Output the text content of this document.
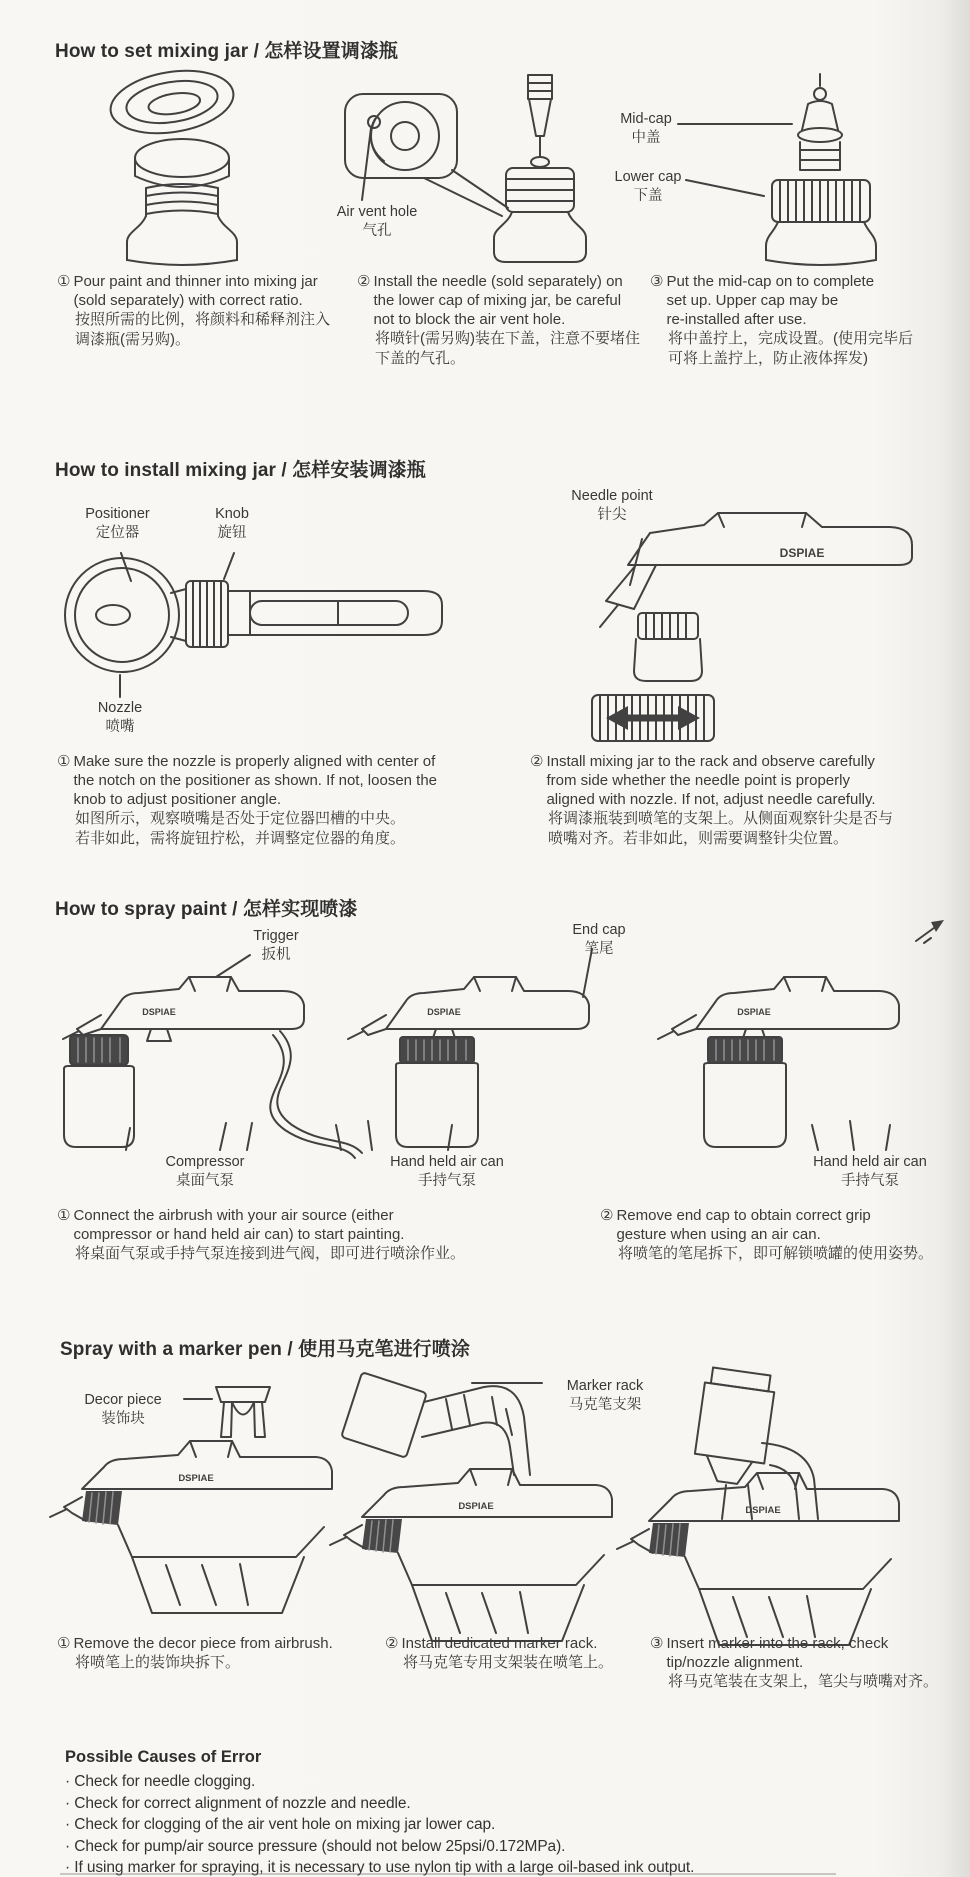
How to set mixing jar / 怎样设置调漆瓶
Air vent hole
气孔
Mid-cap
中盖
Lower cap
下盖
① Pour paint and thinner into mixing jar
(sold separately) with correct ratio.
按照所需的比例，将颜料和稀释剂注入
调漆瓶(需另购)。
② Install the needle (sold separately) on
the lower cap of mixing jar, be careful
not to block the air vent hole.
将喷针(需另购)装在下盖，注意不要堵住
下盖的气孔。
③ Put the mid-cap on to complete
set up. Upper cap may be
re-installed after use.
将中盖拧上，完成设置。(使用完毕后
可将上盖拧上，防止液体挥发)
How to install mixing jar / 怎样安装调漆瓶
DSPIAE
Positioner
定位器
Knob
旋钮
Nozzle
喷嘴
Needle point
针尖
① Make sure the nozzle is properly aligned with center of
the notch on the positioner as shown. If not, loosen the
knob to adjust positioner angle.
如图所示，观察喷嘴是否处于定位器凹槽的中央。
若非如此，需将旋钮拧松，并调整定位器的角度。
② Install mixing jar to the rack and observe carefully
from side whether the needle point is properly
aligned with nozzle. If not, adjust needle carefully.
将调漆瓶装到喷笔的支架上。从侧面观察针尖是否与
喷嘴对齐。若非如此，则需要调整针尖位置。
How to spray paint / 怎样实现喷漆
DSPIAE
Trigger
扳机
End cap
笔尾
Compressor
桌面气泵
Hand held air can
手持气泵
Hand held air can
手持气泵
① Connect the airbrush with your air source (either
compressor or hand held air can) to start painting.
将桌面气泵或手持气泵连接到进气阀，即可进行喷涂作业。
② Remove end cap to obtain correct grip
gesture when using an air can.
将喷笔的笔尾拆下，即可解锁喷罐的使用姿势。
Spray with a marker pen / 使用马克笔进行喷涂
DSPIAE
Decor piece
装饰块
Marker rack
马克笔支架
① Remove the decor piece from airbrush.
将喷笔上的装饰块拆下。
② Install dedicated marker rack.
将马克笔专用支架装在喷笔上。
③ Insert marker into the rack, check
tip/nozzle alignment.
将马克笔装在支架上，笔尖与喷嘴对齐。
Possible Causes of Error
· Check for needle clogging.
· Check for correct alignment of nozzle and needle.
· Check for clogging of the air vent hole on mixing jar lower cap.
· Check for pump/air source pressure (should not below 25psi/0.172MPa).
· If using marker for spraying, it is necessary to use nylon tip with a large oil-based ink output.
